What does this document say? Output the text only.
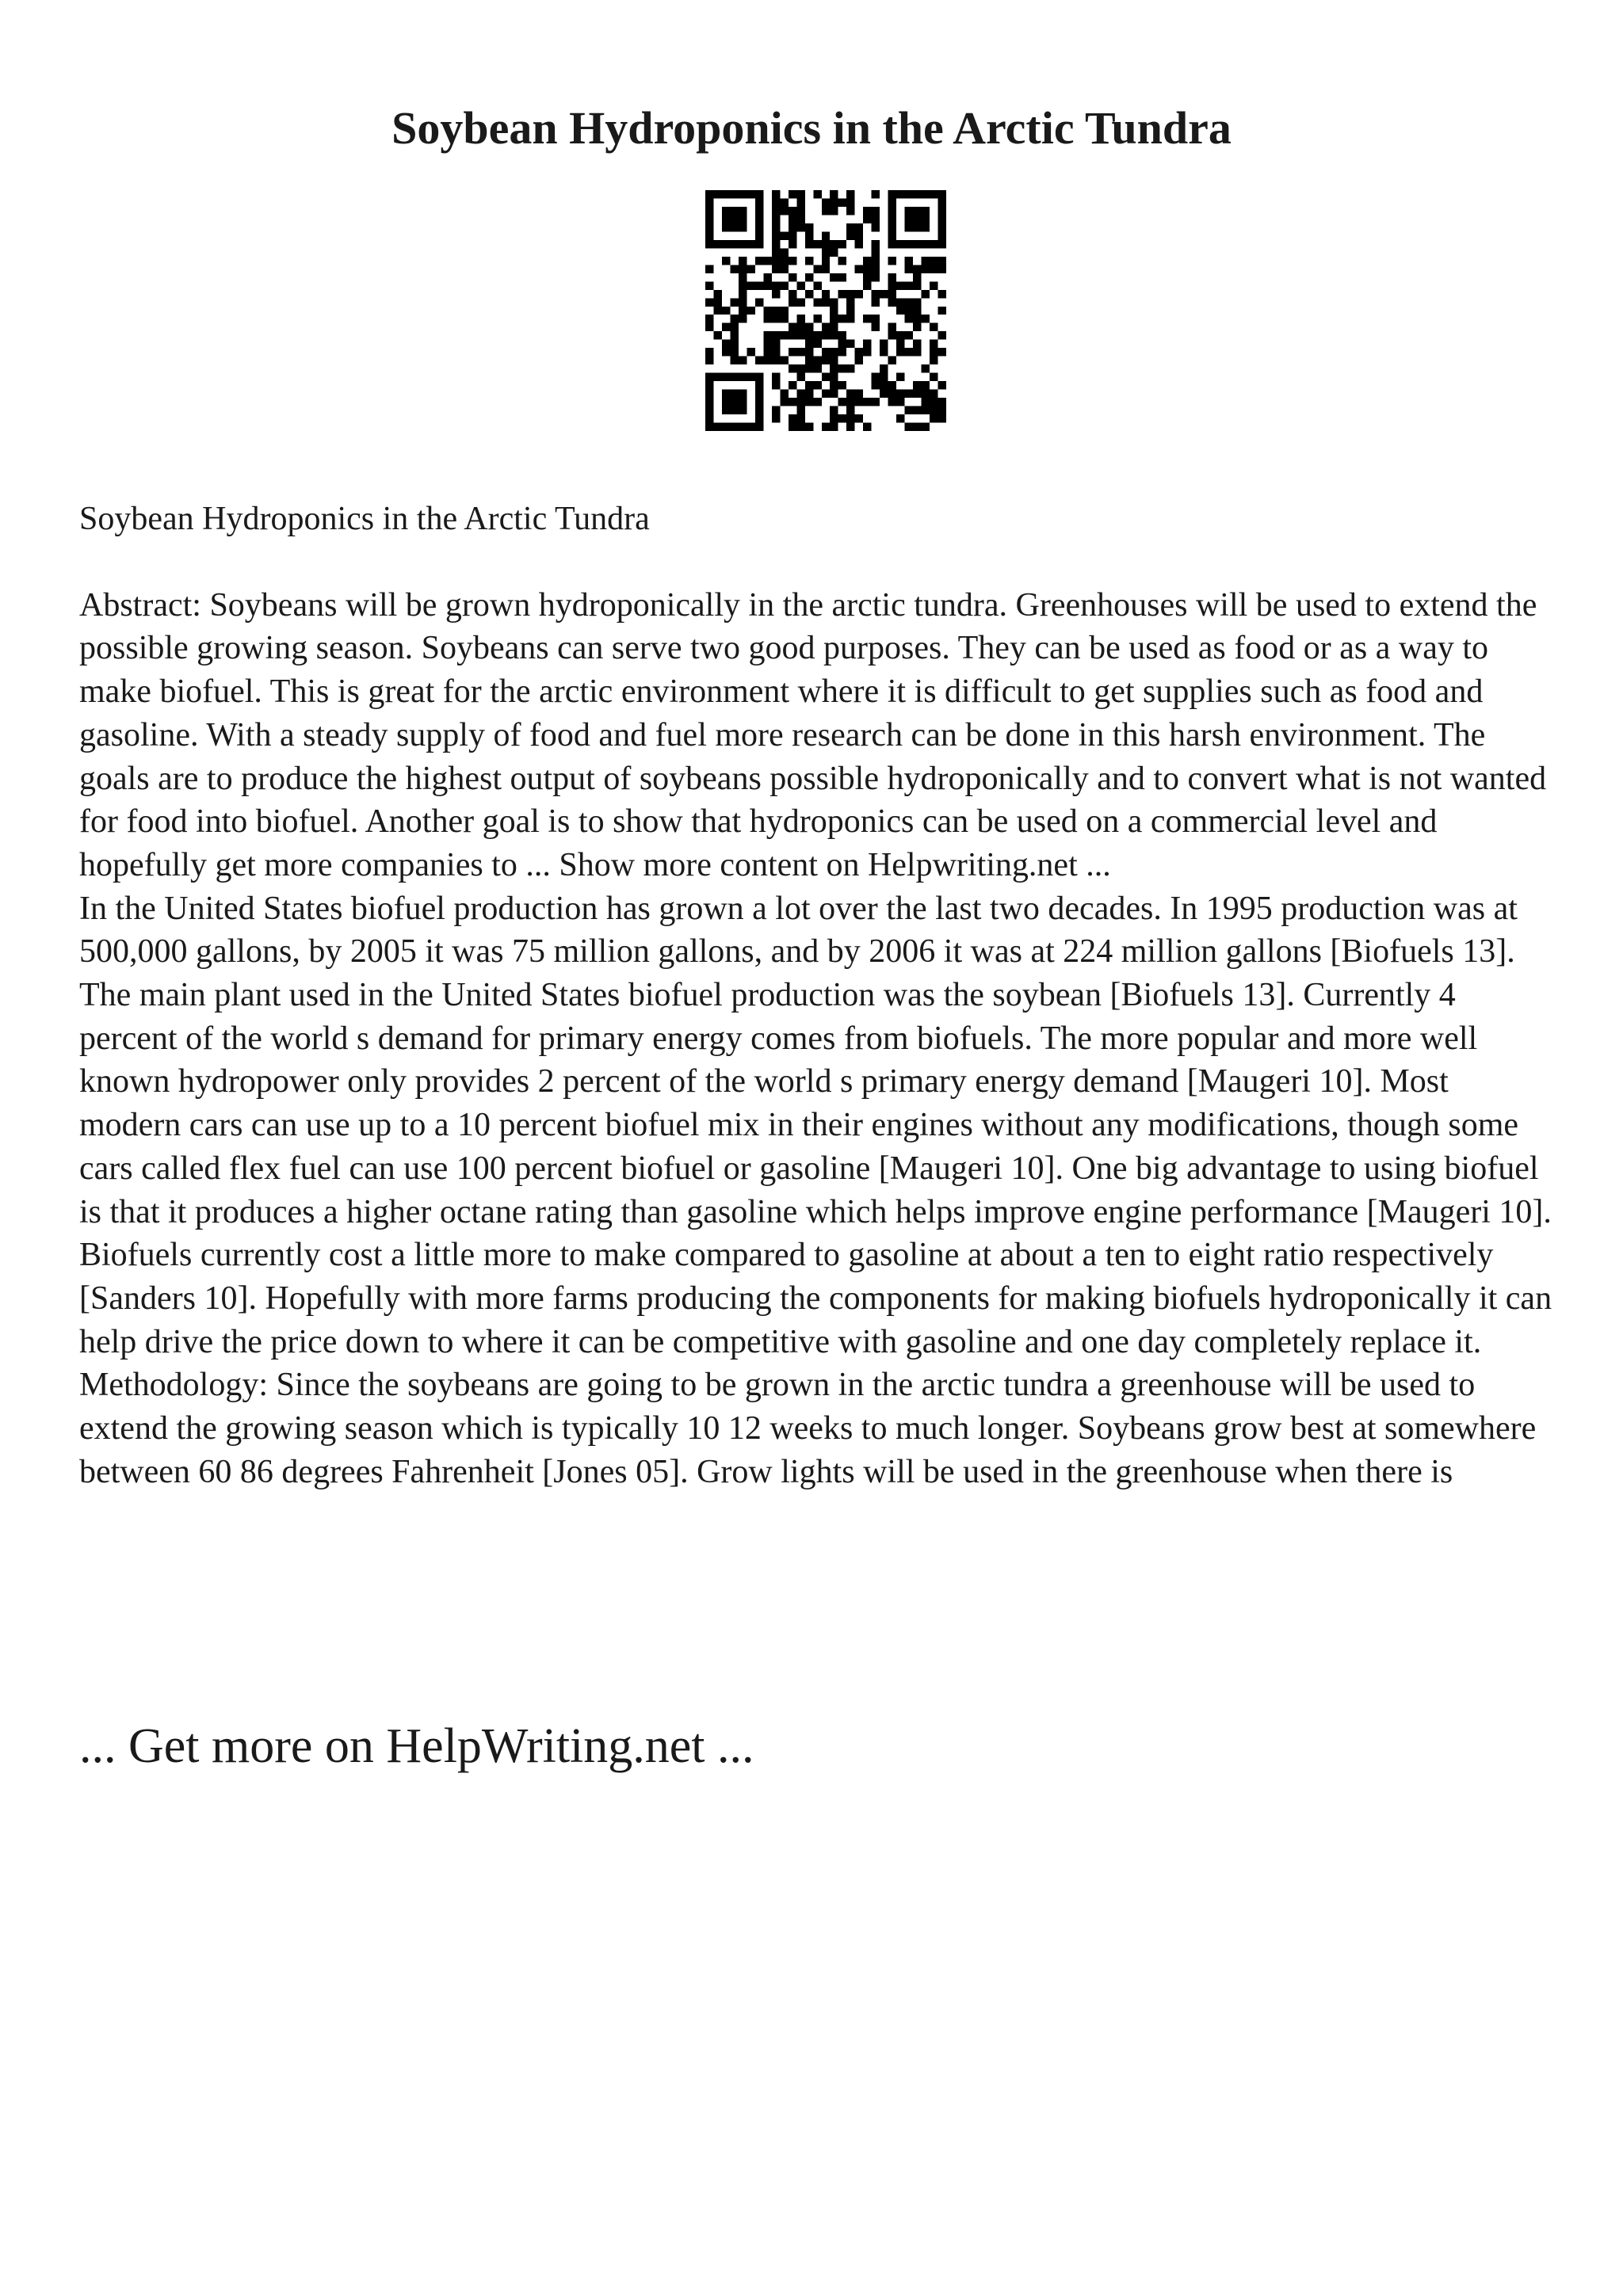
Soybean Hydroponics in the Arctic Tundra

Soybean Hydroponics in the Arctic Tundra

Abstract: Soybeans will be grown hydroponically in the arctic tundra. Greenhouses will be used to extend the possible growing season. Soybeans can serve two good purposes. They can be used as food or as a way to make biofuel. This is great for the arctic environment where it is difficult to get supplies such as food and gasoline. With a steady supply of food and fuel more research can be done in this harsh environment. The goals are to produce the highest output of soybeans possible hydroponically and to convert what is not wanted for food into biofuel. Another goal is to show that hydroponics can be used on a commercial level and hopefully get more companies to ... Show more content on Helpwriting.net ...

In the United States biofuel production has grown a lot over the last two decades. In 1995 production was at 500,000 gallons, by 2005 it was 75 million gallons, and by 2006 it was at 224 million gallons [Biofuels 13]. The main plant used in the United States biofuel production was the soybean [Biofuels 13]. Currently 4 percent of the world s demand for primary energy comes from biofuels. The more popular and more well known hydropower only provides 2 percent of the world s primary energy demand [Maugeri 10]. Most modern cars can use up to a 10 percent biofuel mix in their engines without any modifications, though some cars called flex fuel can use 100 percent biofuel or gasoline [Maugeri 10]. One big advantage to using biofuel is that it produces a higher octane rating than gasoline which helps improve engine performance [Maugeri 10]. Biofuels currently cost a little more to make compared to gasoline at about a ten to eight ratio respectively [Sanders 10]. Hopefully with more farms producing the components for making biofuels hydroponically it can help drive the price down to where it can be competitive with gasoline and one day completely replace it.

Methodology: Since the soybeans are going to be grown in the arctic tundra a greenhouse will be used to extend the growing season which is typically 10 12 weeks to much longer. Soybeans grow best at somewhere between 60 86 degrees Fahrenheit [Jones 05]. Grow lights will be used in the greenhouse when there is

... Get more on HelpWriting.net ...
